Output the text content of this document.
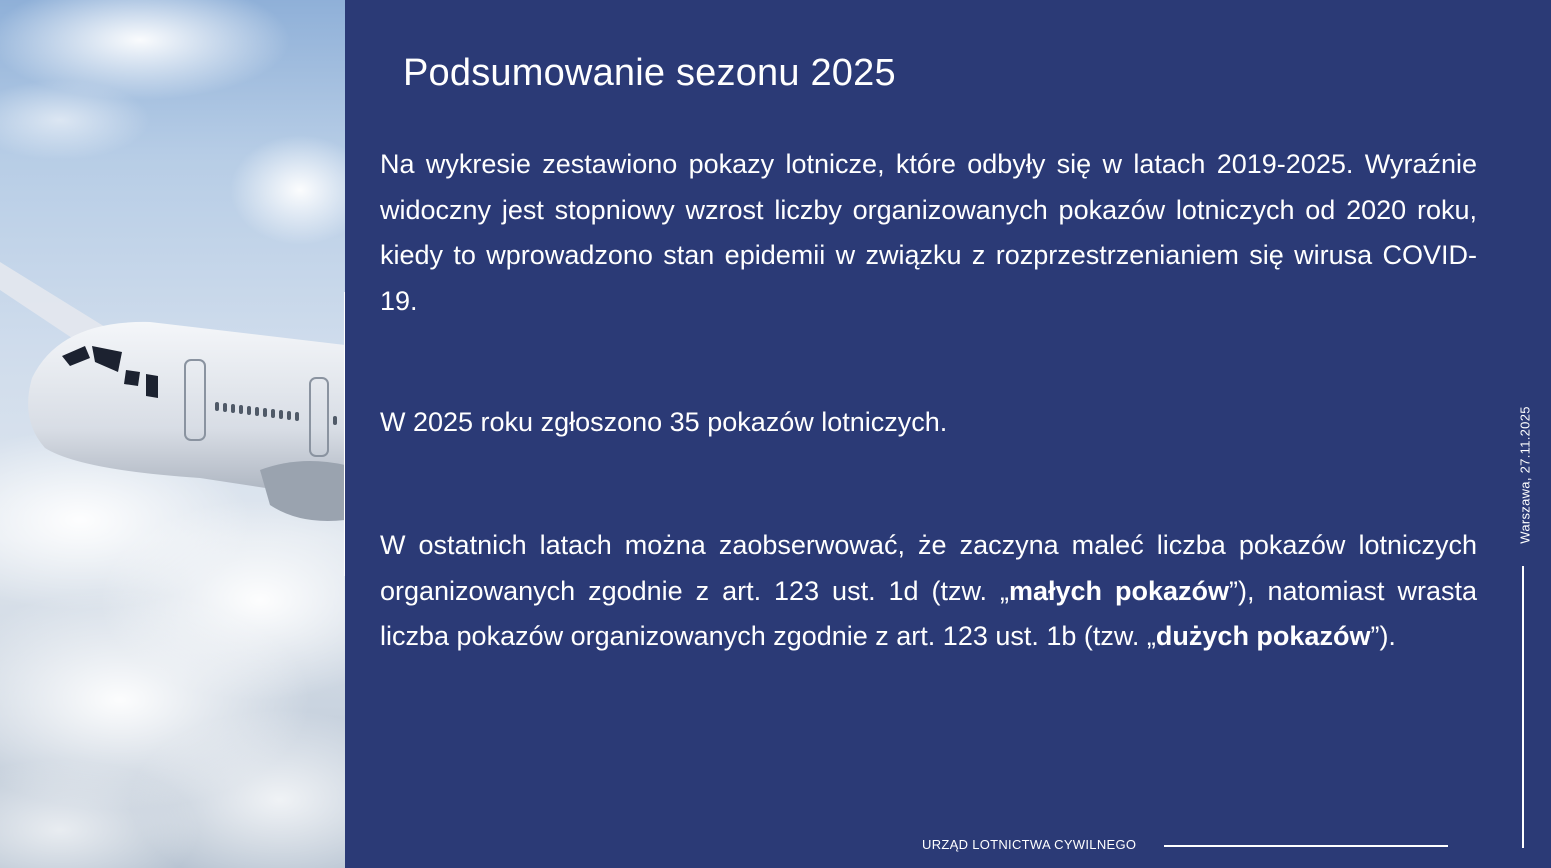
Podsumowanie sezonu 2025

Na wykresie zestawiono pokazy lotnicze, które odbyły się w latach 2019-2025. Wyraźnie widoczny jest stopniowy wzrost liczby organizowanych pokazów lotniczych od 2020 roku, kiedy to wprowadzono stan epidemii w związku z rozprzestrzenianiem się wirusa COVID-19.

W 2025 roku zgłoszono 35 pokazów lotniczych.

W ostatnich latach można zaobserwować, że zaczyna maleć liczba pokazów lotniczych organizowanych zgodnie z art. 123 ust. 1d (tzw. „małych pokazów”), natomiast wrasta liczba pokazów organizowanych zgodnie z art. 123 ust. 1b (tzw. „dużych pokazów”).

Warszawa, 27.11.2025
URZĄD LOTNICTWA CYWILNEGO
